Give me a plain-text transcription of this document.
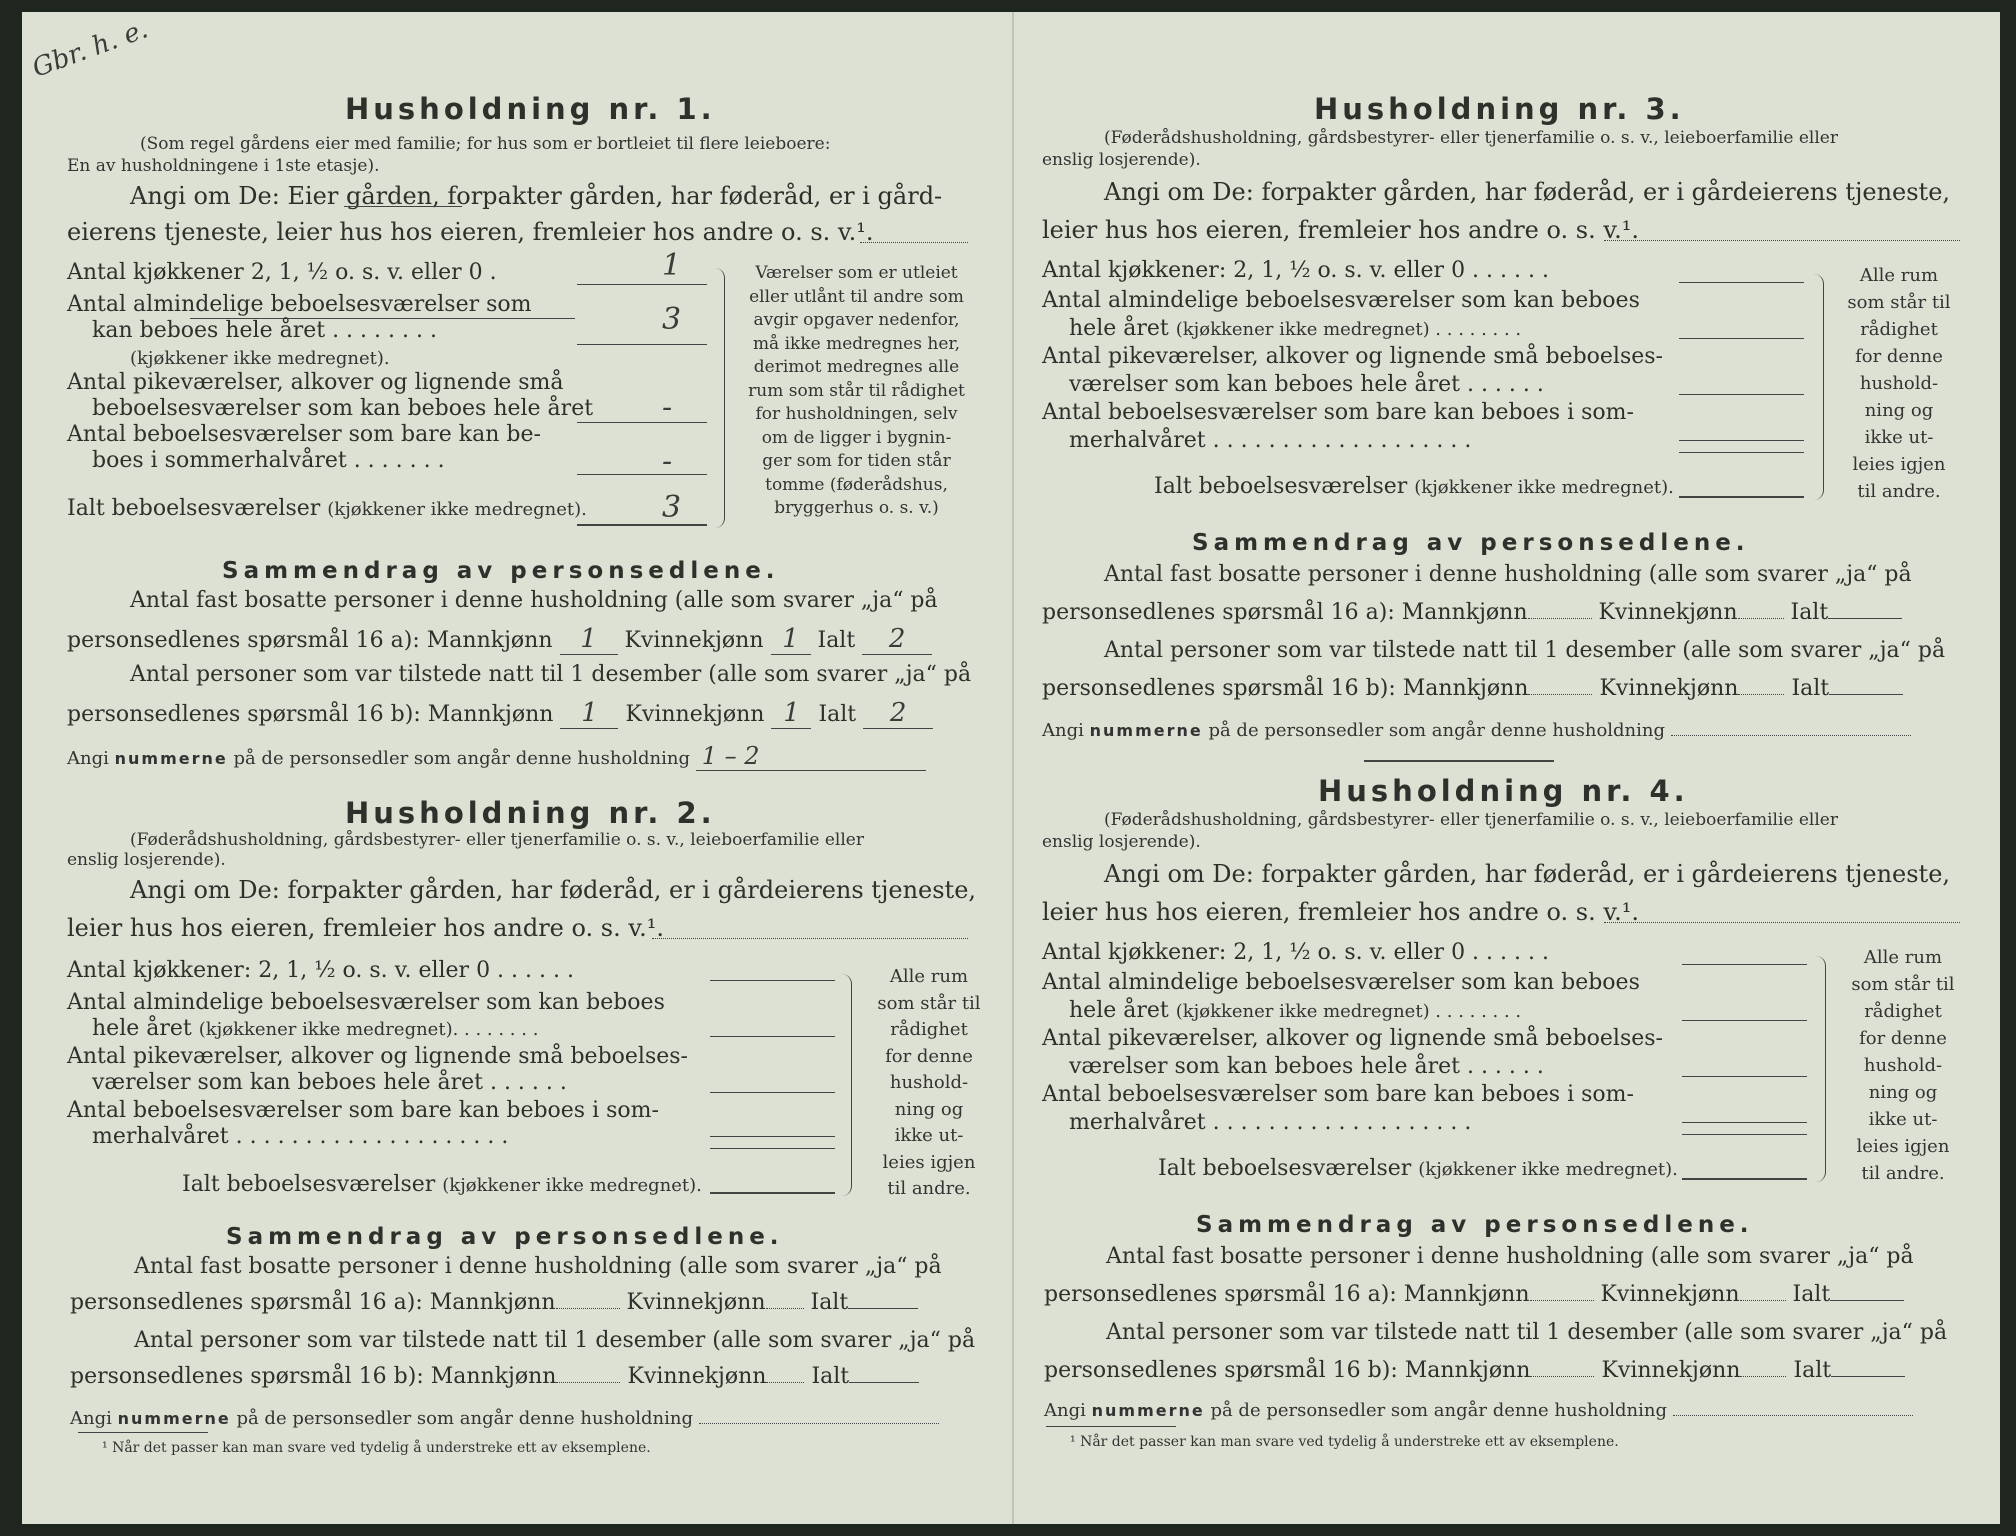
Gbr. h. e.
Husholdning nr. 1.
(Som regel gårdens eier med familie; for hus som er bortleiet til flere leieboere:
En av husholdningene i 1ste etasje).
Angi om De: Eier gården, forpakter gården, har føderåd, er i gård-
eierens tjeneste, leier hus hos eieren, fremleier hos andre o. s. v.¹.
Antal kjøkkener 2, 1, ½ o. s. v. eller 0 .	1
Antal almindelige beboelsesværelser som
kan beboes hele året . . . . . . . .	3
(kjøkkener ikke medregnet).
Antal pikeværelser, alkover og lignende små
beboelsesværelser som kan beboes hele året -
Antal beboelsesværelser som bare kan be-
boes i sommerhalvåret . . . . . . .	-
Ialt beboelsesværelser (kjøkkener ikke medregnet).	3
Værelser som er utleiet
eller utlånt til andre som
avgir opgaver nedenfor,
må ikke medregnes her,
derimot medregnes alle
rum som står til rådighet
for husholdningen, selv
om de ligger i bygnin-
ger som for tiden står
tomme (føderådshus,
bryggerhus o. s. v.)
Sammendrag av personsedlene.
Antal fast bosatte personer i denne husholdning (alle som svarer „ja“ på
personsedlenes spørsmål 16 a): Mannkjønn 1 Kvinnekjønn 1 Ialt 2
Antal personer som var tilstede natt til 1 desember (alle som svarer „ja“ på
personsedlenes spørsmål 16 b): Mannkjønn 1 Kvinnekjønn 1 Ialt 2
Angi nummerne på de personsedler som angår denne husholdning 1 – 2
Husholdning nr. 2.
(Føderådshusholdning, gårdsbestyrer- eller tjenerfamilie o. s. v., leieboerfamilie eller
enslig losjerende).
Angi om De: forpakter gården, har føderåd, er i gårdeierens tjeneste,
leier hus hos eieren, fremleier hos andre o. s. v.¹.
Antal kjøkkener: 2, 1, ½ o. s. v. eller 0 . . . . . .
Antal almindelige beboelsesværelser som kan beboes
hele året (kjøkkener ikke medregnet). . . . . . . .
Antal pikeværelser, alkover og lignende små beboelses-
værelser som kan beboes hele året . . . . . .
Antal beboelsesværelser som bare kan beboes i som-
merhalvåret . . . . . . . . . . . . . . . . . . . .
Ialt beboelsesværelser (kjøkkener ikke medregnet).
Alle rum
som står til
rådighet
for denne
hushold-
ning og
ikke ut-
leies igjen
til andre.
Sammendrag av personsedlene.
Antal fast bosatte personer i denne husholdning (alle som svarer „ja“ på
personsedlenes spørsmål 16 a): Mannkjønn	Kvinnekjønn Ialt
Antal personer som var tilstede natt til 1 desember (alle som svarer „ja“ på
personsedlenes spørsmål 16 b): Mannkjønn	Kvinnekjønn Ialt
Angi nummerne på de personsedler som angår denne husholdning
¹ Når det passer kan man svare ved tydelig å understreke ett av eksemplene.
Husholdning nr. 3.
(Føderådshusholdning, gårdsbestyrer- eller tjenerfamilie o. s. v., leieboerfamilie eller
enslig losjerende).
Angi om De: forpakter gården, har føderåd, er i gårdeierens tjeneste,
leier hus hos eieren, fremleier hos andre o. s. v.¹.
Antal kjøkkener: 2, 1, ½ o. s. v. eller 0 . . . . . .
Antal almindelige beboelsesværelser som kan beboes
hele året (kjøkkener ikke medregnet) . . . . . . . .
Antal pikeværelser, alkover og lignende små beboelses-
værelser som kan beboes hele året . . . . . .
Antal beboelsesværelser som bare kan beboes i som-
merhalvåret . . . . . . . . . . . . . . . . . . .
Ialt beboelsesværelser (kjøkkener ikke medregnet).
Alle rum
som står til
rådighet
for denne
hushold-
ning og
ikke ut-
leies igjen
til andre.
Sammendrag av personsedlene.
Antal fast bosatte personer i denne husholdning (alle som svarer „ja“ på
personsedlenes spørsmål 16 a): Mannkjønn	Kvinnekjønn Ialt
Antal personer som var tilstede natt til 1 desember (alle som svarer „ja“ på
personsedlenes spørsmål 16 b): Mannkjønn	Kvinnekjønn Ialt
Angi nummerne på de personsedler som angår denne husholdning
Husholdning nr. 4.
(Føderådshusholdning, gårdsbestyrer- eller tjenerfamilie o. s. v., leieboerfamilie eller
enslig losjerende).
Angi om De: forpakter gården, har føderåd, er i gårdeierens tjeneste,
leier hus hos eieren, fremleier hos andre o. s. v.¹.
Antal kjøkkener: 2, 1, ½ o. s. v. eller 0 . . . . . .
Antal almindelige beboelsesværelser som kan beboes
hele året (kjøkkener ikke medregnet) . . . . . . . .
Antal pikeværelser, alkover og lignende små beboelses-
værelser som kan beboes hele året . . . . . .
Antal beboelsesværelser som bare kan beboes i som-
merhalvåret . . . . . . . . . . . . . . . . . . .
Ialt beboelsesværelser (kjøkkener ikke medregnet).
Alle rum
som står til
rådighet
for denne
hushold-
ning og
ikke ut-
leies igjen
til andre.
Sammendrag av personsedlene.
Antal fast bosatte personer i denne husholdning (alle som svarer „ja“ på
personsedlenes spørsmål 16 a): Mannkjønn	Kvinnekjønn Ialt
Antal personer som var tilstede natt til 1 desember (alle som svarer „ja“ på
personsedlenes spørsmål 16 b): Mannkjønn	Kvinnekjønn Ialt
Angi nummerne på de personsedler som angår denne husholdning
¹ Når det passer kan man svare ved tydelig å understreke ett av eksemplene.
